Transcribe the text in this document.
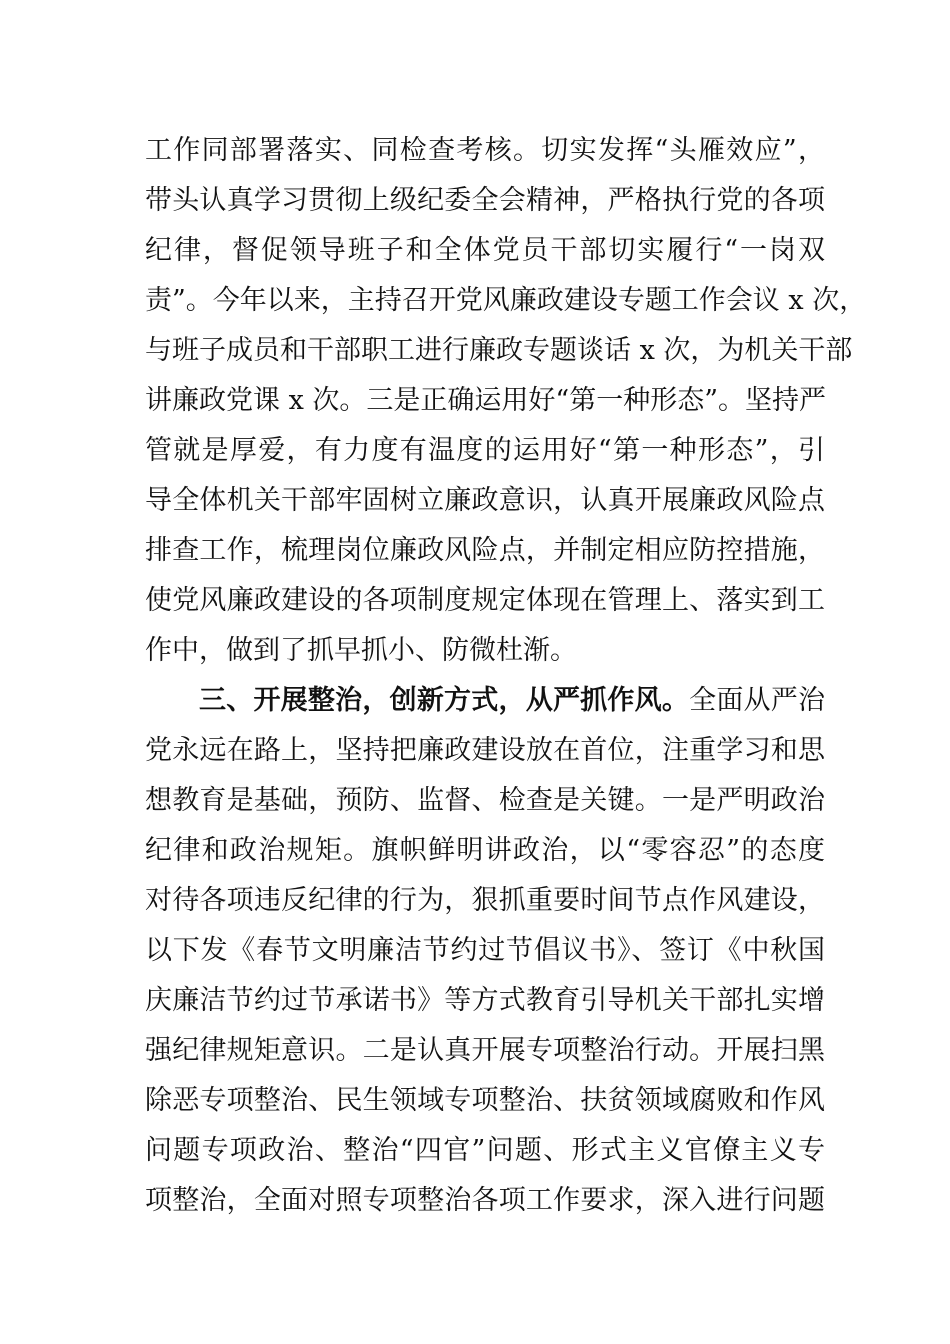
工作同部署落实、同检查考核。切实发挥“头雁效应”，
带头认真学习贯彻上级纪委全会精神，严格执行党的各项
纪律，督促领导班子和全体党员干部切实履行“一岗双
责”。今年以来，主持召开党风廉政建设专题工作会议 x 次，
与班子成员和干部职工进行廉政专题谈话 x 次，为机关干部
讲廉政党课 x 次。三是正确运用好“第一种形态”。坚持严
管就是厚爱，有力度有温度的运用好“第一种形态”，引
导全体机关干部牢固树立廉政意识，认真开展廉政风险点
排查工作，梳理岗位廉政风险点，并制定相应防控措施，
使党风廉政建设的各项制度规定体现在管理上、落实到工
作中，做到了抓早抓小、防微杜渐。
三、开展整治，创新方式，从严抓作风。全面从严治
党永远在路上，坚持把廉政建设放在首位，注重学习和思
想教育是基础，预防、监督、检查是关键。一是严明政治
纪律和政治规矩。旗帜鲜明讲政治，以“零容忍”的态度
对待各项违反纪律的行为，狠抓重要时间节点作风建设，
以下发《春节文明廉洁节约过节倡议书》、签订《中秋国
庆廉洁节约过节承诺书》等方式教育引导机关干部扎实增
强纪律规矩意识。二是认真开展专项整治行动。开展扫黑
除恶专项整治、民生领域专项整治、扶贫领域腐败和作风
问题专项政治、整治“四官”问题、形式主义官僚主义专
项整治，全面对照专项整治各项工作要求，深入进行问题
